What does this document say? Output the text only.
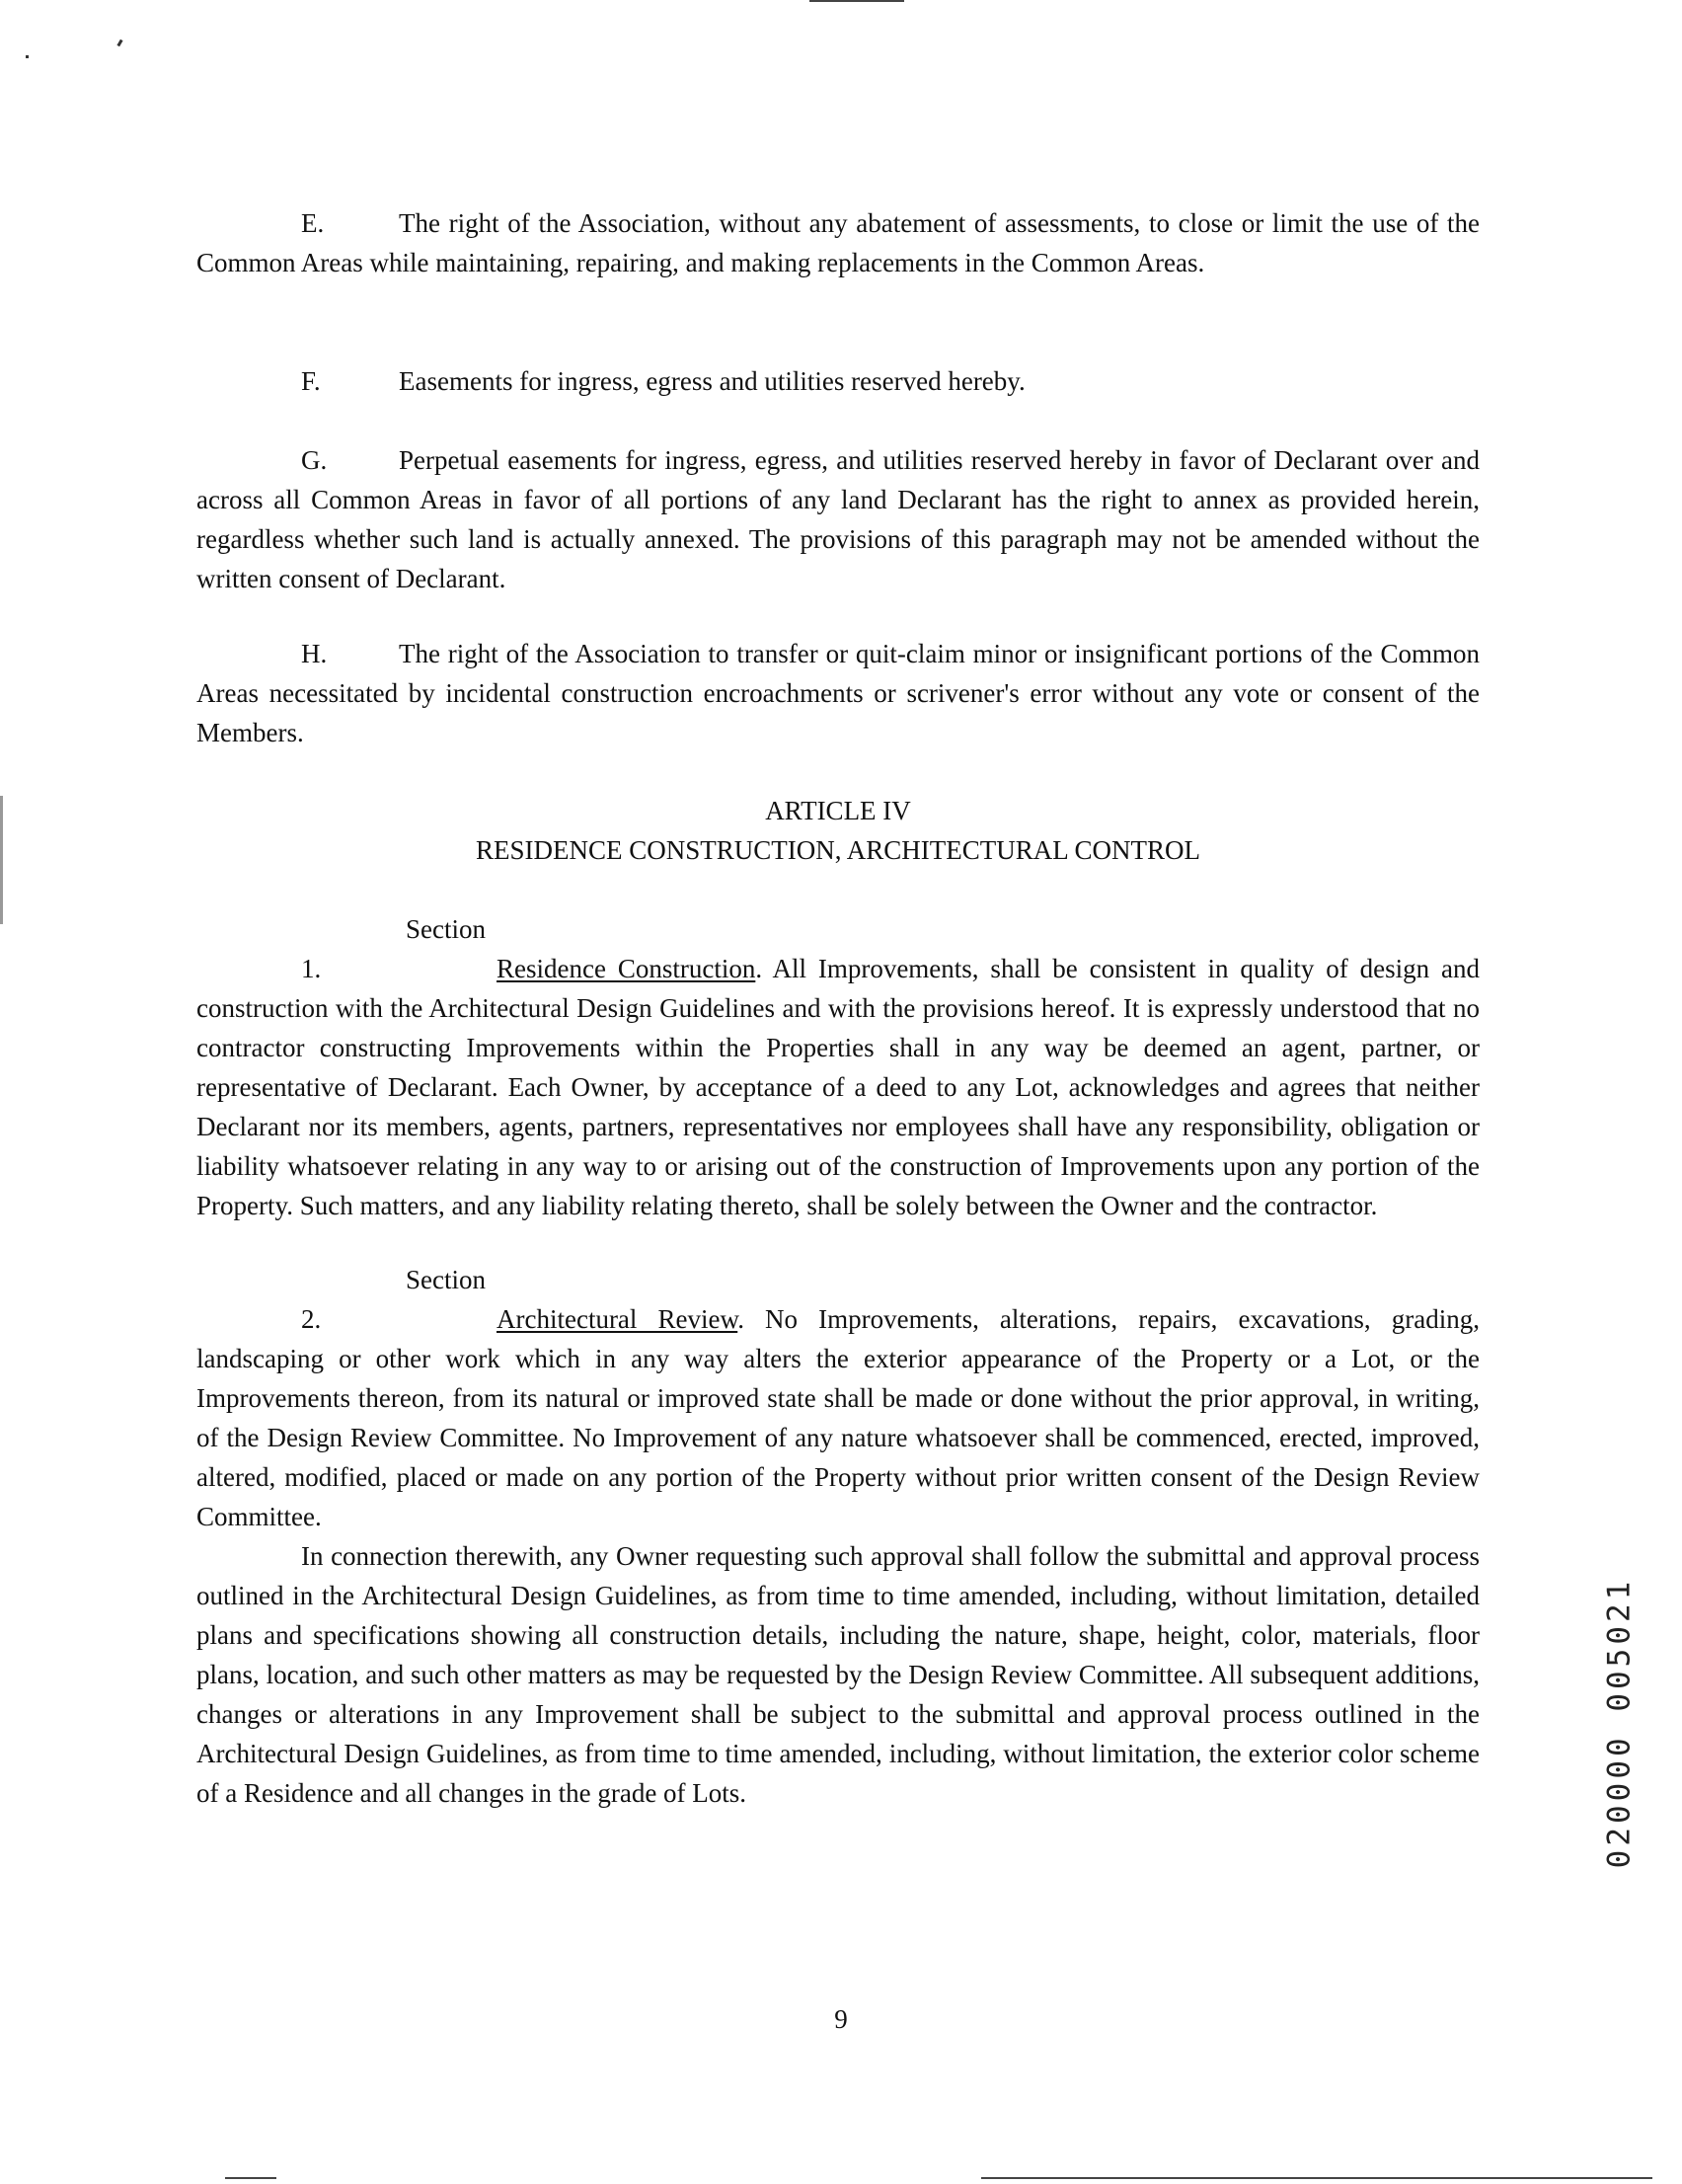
E.	The right of the Association, without any abatement of assessments, to close or limit the use of the Common Areas while maintaining, repairing, and making replacements in the Common Areas.

F.	Easements for ingress, egress and utilities reserved hereby.

G.	Perpetual easements for ingress, egress, and utilities reserved hereby in favor of Declarant over and across all Common Areas in favor of all portions of any land Declarant has the right to annex as provided herein, regardless whether such land is actually annexed. The provisions of this paragraph may not be amended without the written consent of Declarant.

H.	The right of the Association to transfer or quit-claim minor or insignificant portions of the Common Areas necessitated by incidental construction encroachments or scrivener's error without any vote or consent of the Members.

ARTICLE IV
RESIDENCE CONSTRUCTION, ARCHITECTURAL CONTROL

Section 1.	Residence Construction. All Improvements, shall be consistent in quality of design and construction with the Architectural Design Guidelines and with the provisions hereof. It is expressly understood that no contractor constructing Improvements within the Properties shall in any way be deemed an agent, partner, or representative of Declarant. Each Owner, by acceptance of a deed to any Lot, acknowledges and agrees that neither Declarant nor its members, agents, partners, representatives nor employees shall have any responsibility, obligation or liability whatsoever relating in any way to or arising out of the construction of Improvements upon any portion of the Property. Such matters, and any liability relating thereto, shall be solely between the Owner and the contractor.

Section 2.	Architectural Review. No Improvements, alterations, repairs, excavations, grading, landscaping or other work which in any way alters the exterior appearance of the Property or a Lot, or the Improvements thereon, from its natural or improved state shall be made or done without the prior approval, in writing, of the Design Review Committee. No Improvement of any nature whatsoever shall be commenced, erected, improved, altered, modified, placed or made on any portion of the Property without prior written consent of the Design Review Committee.

In connection therewith, any Owner requesting such approval shall follow the submittal and approval process outlined in the Architectural Design Guidelines, as from time to time amended, including, without limitation, detailed plans and specifications showing all construction details, including the nature, shape, height, color, materials, floor plans, location, and such other matters as may be requested by the Design Review Committee. All subsequent additions, changes or alterations in any Improvement shall be subject to the submittal and approval process outlined in the Architectural Design Guidelines, as from time to time amended, including, without limitation, the exterior color scheme of a Residence and all changes in the grade of Lots.

9
020000 005021
